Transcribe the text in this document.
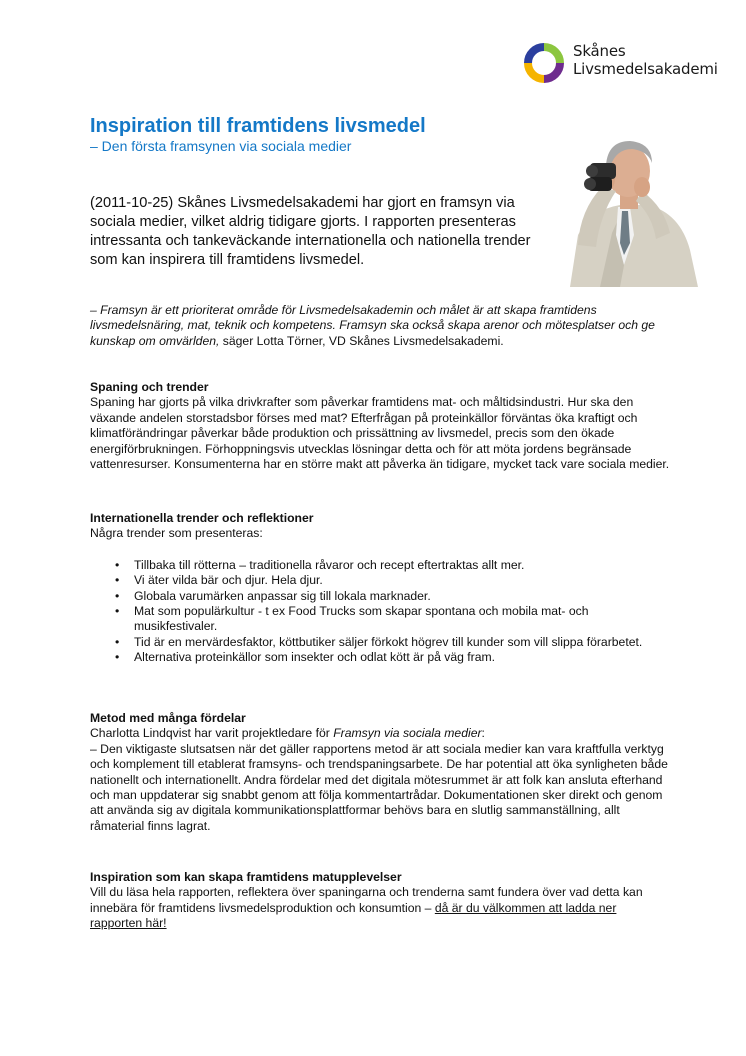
Skånes
Livsmedelsakademi
Inspiration till framtidens livsmedel

– Den första framsynen via sociala medier

(2011-10-25) Skånes Livsmedelsakademi har gjort en framsyn via sociala medier, vilket aldrig tidigare gjorts. I rapporten presenteras intressanta och tankeväckande internationella och nationella trender som kan inspirera till framtidens livsmedel.

– Framsyn är ett prioriterat område för Livsmedelsakademin och målet är att skapa framtidens livsmedelsnäring, mat, teknik och kompetens. Framsyn ska också skapa arenor och mötesplatser och ge kunskap om omvärlden, säger Lotta Törner, VD Skånes Livsmedelsakademi.

Spaning och trender

Spaning har gjorts på vilka drivkrafter som påverkar framtidens mat- och måltidsindustri. Hur ska den växande andelen storstadsbor förses med mat? Efterfrågan på proteinkällor förväntas öka kraftigt och klimatförändringar påverkar både produktion och prissättning av livsmedel, precis som den ökade energiförbrukningen. Förhoppningsvis utvecklas lösningar detta och för att möta jordens begränsade vattenresurser. Konsumenterna har en större makt att påverka än tidigare, mycket tack vare sociala medier.

Internationella trender och reflektioner

Några trender som presenteras:

• Tillbaka till rötterna – traditionella råvaror och recept eftertraktas allt mer.
• Vi äter vilda bär och djur. Hela djur.
• Globala varumärken anpassar sig till lokala marknader.
• Mat som populärkultur - t ex Food Trucks som skapar spontana och mobila mat- och musikfestivaler.
• Tid är en mervärdesfaktor, köttbutiker säljer förkokt högrev till kunder som vill slippa förarbetet.
• Alternativa proteinkällor som insekter och odlat kött är på väg fram.

Metod med många fördelar

Charlotta Lindqvist har varit projektledare för Framsyn via sociala medier:

– Den viktigaste slutsatsen när det gäller rapportens metod är att sociala medier kan vara kraftfulla verktyg och komplement till etablerat framsyns- och trendspaningsarbete. De har potential att öka synligheten både nationellt och internationellt. Andra fördelar med det digitala mötesrummet är att folk kan ansluta efterhand och man uppdaterar sig snabbt genom att följa kommentartrådar. Dokumentationen sker direkt och genom att använda sig av digitala kommunikationsplattformar behövs bara en slutlig sammanställning, allt råmaterial finns lagrat.

Inspiration som kan skapa framtidens matupplevelser

Vill du läsa hela rapporten, reflektera över spaningarna och trenderna samt fundera över vad detta kan innebära för framtidens livsmedelsproduktion och konsumtion – då är du välkommen att ladda ner rapporten här!
